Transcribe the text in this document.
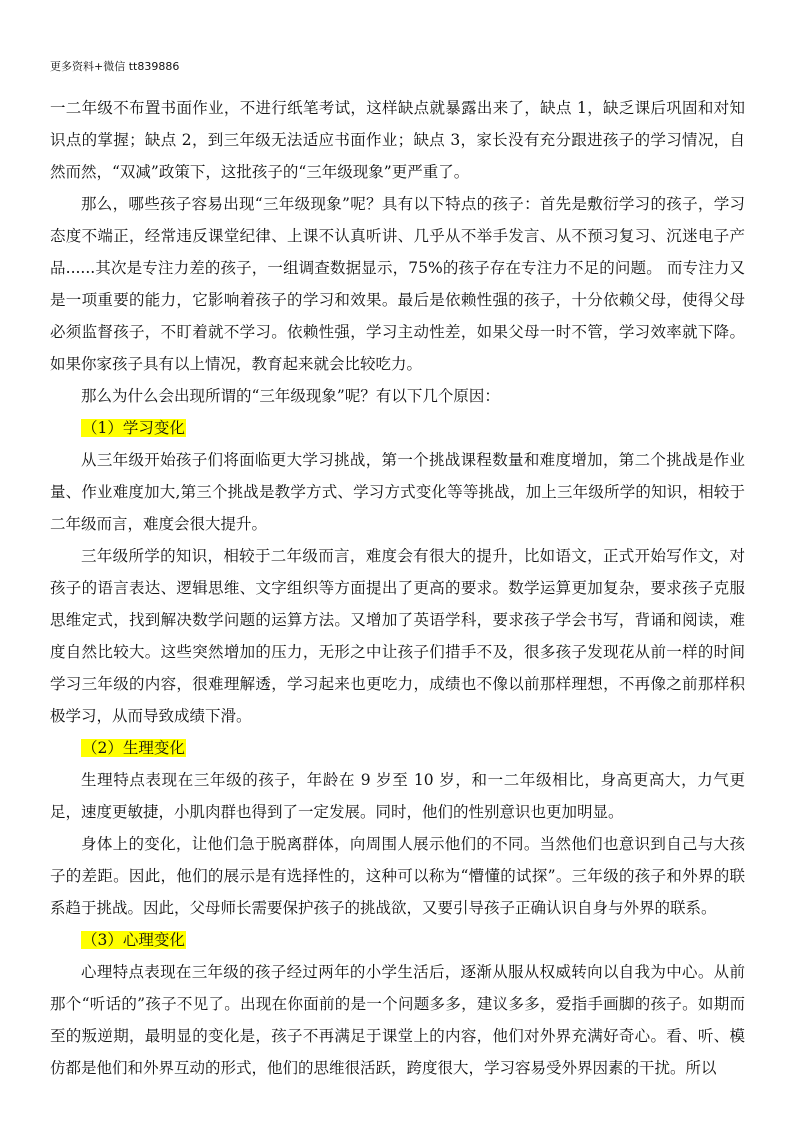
更多资料+微信 tt839886

一二年级不布置书面作业，不进行纸笔考试，这样缺点就暴露出来了，缺点 1，缺乏课后巩固和对知识点的掌握；缺点 2，到三年级无法适应书面作业；缺点 3，家长没有充分跟进孩子的学习情况，自然而然，“双减”政策下，这批孩子的“三年级现象”更严重了。

那么，哪些孩子容易出现“三年级现象”呢？具有以下特点的孩子：首先是敷衍学习的孩子，学习态度不端正，经常违反课堂纪律、上课不认真听讲、几乎从不举手发言、从不预习复习、沉迷电子产品......其次是专注力差的孩子，一组调查数据显示，75%的孩子存在专注力不足的问题。 而专注力又是一项重要的能力，它影响着孩子的学习和效果。最后是依赖性强的孩子，十分依赖父母，使得父母必须监督孩子，不盯着就不学习。依赖性强，学习主动性差，如果父母一时不管，学习效率就下降。如果你家孩子具有以上情况，教育起来就会比较吃力。

那么为什么会出现所谓的“三年级现象”呢？有以下几个原因：

（1）学习变化

从三年级开始孩子们将面临更大学习挑战，第一个挑战课程数量和难度增加，第二个挑战是作业量、作业难度加大,第三个挑战是教学方式、学习方式变化等等挑战，加上三年级所学的知识，相较于二年级而言，难度会很大提升。

三年级所学的知识，相较于二年级而言，难度会有很大的提升，比如语文，正式开始写作文，对孩子的语言表达、逻辑思维、文字组织等方面提出了更高的要求。数学运算更加复杂，要求孩子克服思维定式，找到解决数学问题的运算方法。又增加了英语学科，要求孩子学会书写，背诵和阅读，难度自然比较大。这些突然增加的压力，无形之中让孩子们措手不及，很多孩子发现花从前一样的时间学习三年级的内容，很难理解透，学习起来也更吃力，成绩也不像以前那样理想，不再像之前那样积极学习，从而导致成绩下滑。

（2）生理变化

生理特点表现在三年级的孩子，年龄在 9 岁至 10 岁，和一二年级相比，身高更高大，力气更足，速度更敏捷，小肌肉群也得到了一定发展。同时，他们的性别意识也更加明显。

身体上的变化，让他们急于脱离群体，向周围人展示他们的不同。当然他们也意识到自己与大孩子的差距。因此，他们的展示是有选择性的，这种可以称为“懵懂的试探”。三年级的孩子和外界的联系趋于挑战。因此，父母师长需要保护孩子的挑战欲，又要引导孩子正确认识自身与外界的联系。

（3）心理变化

心理特点表现在三年级的孩子经过两年的小学生活后，逐渐从服从权威转向以自我为中心。从前那个“听话的”孩子不见了。出现在你面前的是一个问题多多，建议多多，爱指手画脚的孩子。如期而至的叛逆期，最明显的变化是，孩子不再满足于课堂上的内容，他们对外界充满好奇心。看、听、模仿都是他们和外界互动的形式，他们的思维很活跃，跨度很大，学习容易受外界因素的干扰。所以
